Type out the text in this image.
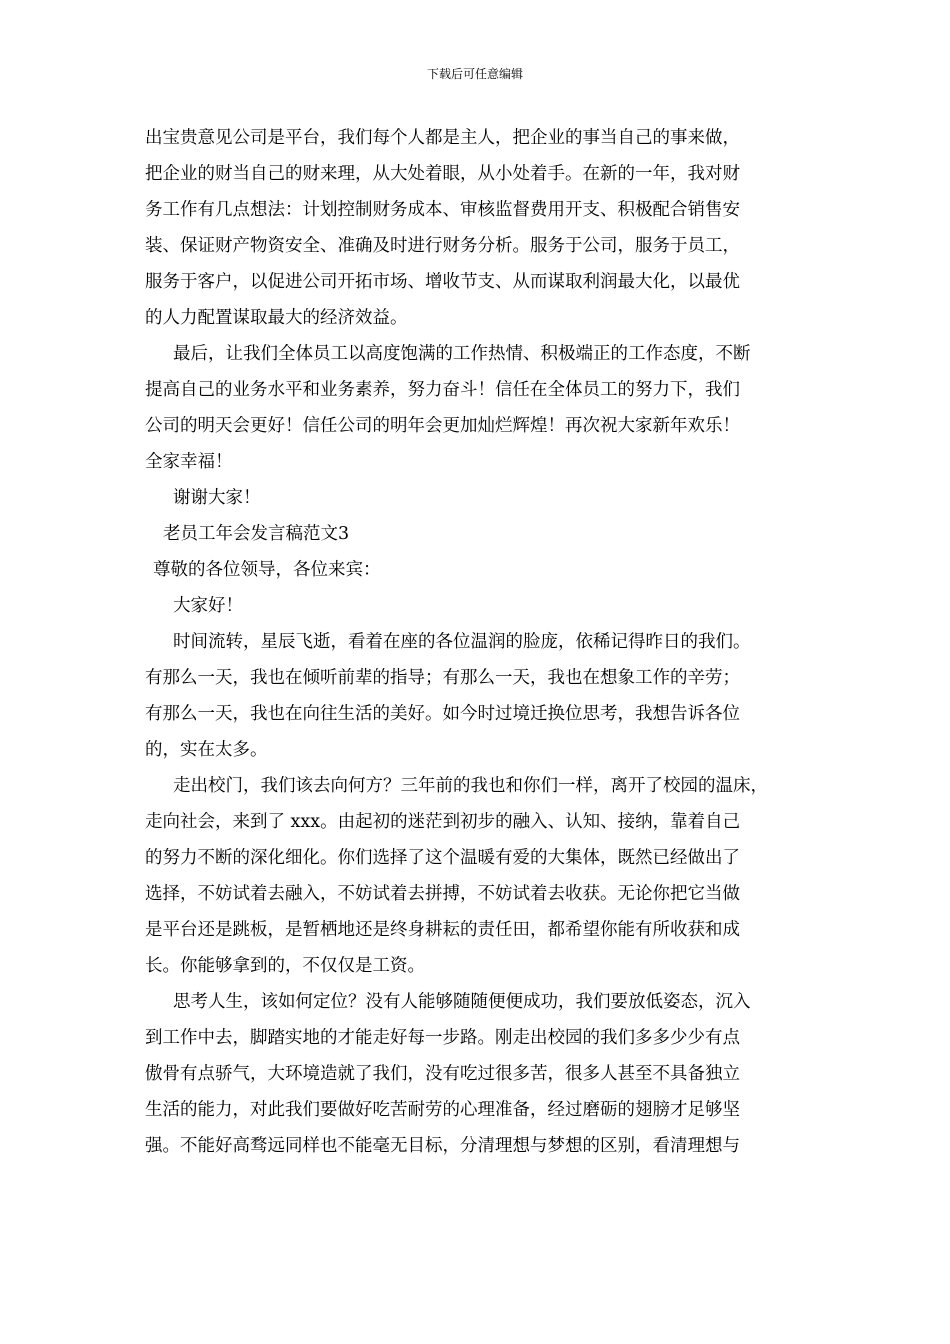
下载后可任意编辑
出宝贵意见公司是平台，我们每个人都是主人，把企业的事当自己的事来做，
把企业的财当自己的财来理，从大处着眼，从小处着手。在新的一年，我对财
务工作有几点想法：计划控制财务成本、审核监督费用开支、积极配合销售安
装、保证财产物资安全、准确及时进行财务分析。服务于公司，服务于员工，
服务于客户，以促进公司开拓市场、增收节支、从而谋取利润最大化，以最优
的人力配置谋取最大的经济效益。
最后，让我们全体员工以高度饱满的工作热情、积极端正的工作态度，不断
提高自己的业务水平和业务素养，努力奋斗！信任在全体员工的努力下，我们
公司的明天会更好！信任公司的明年会更加灿烂辉煌！再次祝大家新年欢乐！
全家幸福！
谢谢大家！
老员工年会发言稿范文3
尊敬的各位领导，各位来宾：
大家好！
时间流转，星辰飞逝，看着在座的各位温润的脸庞，依稀记得昨日的我们。
有那么一天，我也在倾听前辈的指导；有那么一天，我也在想象工作的辛劳；
有那么一天，我也在向往生活的美好。如今时过境迁换位思考，我想告诉各位
的，实在太多。
走出校门，我们该去向何方？三年前的我也和你们一样，离开了校园的温床，
走向社会，来到了 xxx。由起初的迷茫到初步的融入、认知、接纳，靠着自己
的努力不断的深化细化。你们选择了这个温暖有爱的大集体，既然已经做出了
选择，不妨试着去融入，不妨试着去拼搏，不妨试着去收获。无论你把它当做
是平台还是跳板，是暂栖地还是终身耕耘的责任田，都希望你能有所收获和成
长。你能够拿到的，不仅仅是工资。
思考人生，该如何定位？没有人能够随随便便成功，我们要放低姿态，沉入
到工作中去，脚踏实地的才能走好每一步路。刚走出校园的我们多多少少有点
傲骨有点骄气，大环境造就了我们，没有吃过很多苦，很多人甚至不具备独立
生活的能力，对此我们要做好吃苦耐劳的心理准备，经过磨砺的翅膀才足够坚
强。不能好高骛远同样也不能毫无目标，分清理想与梦想的区别，看清理想与
